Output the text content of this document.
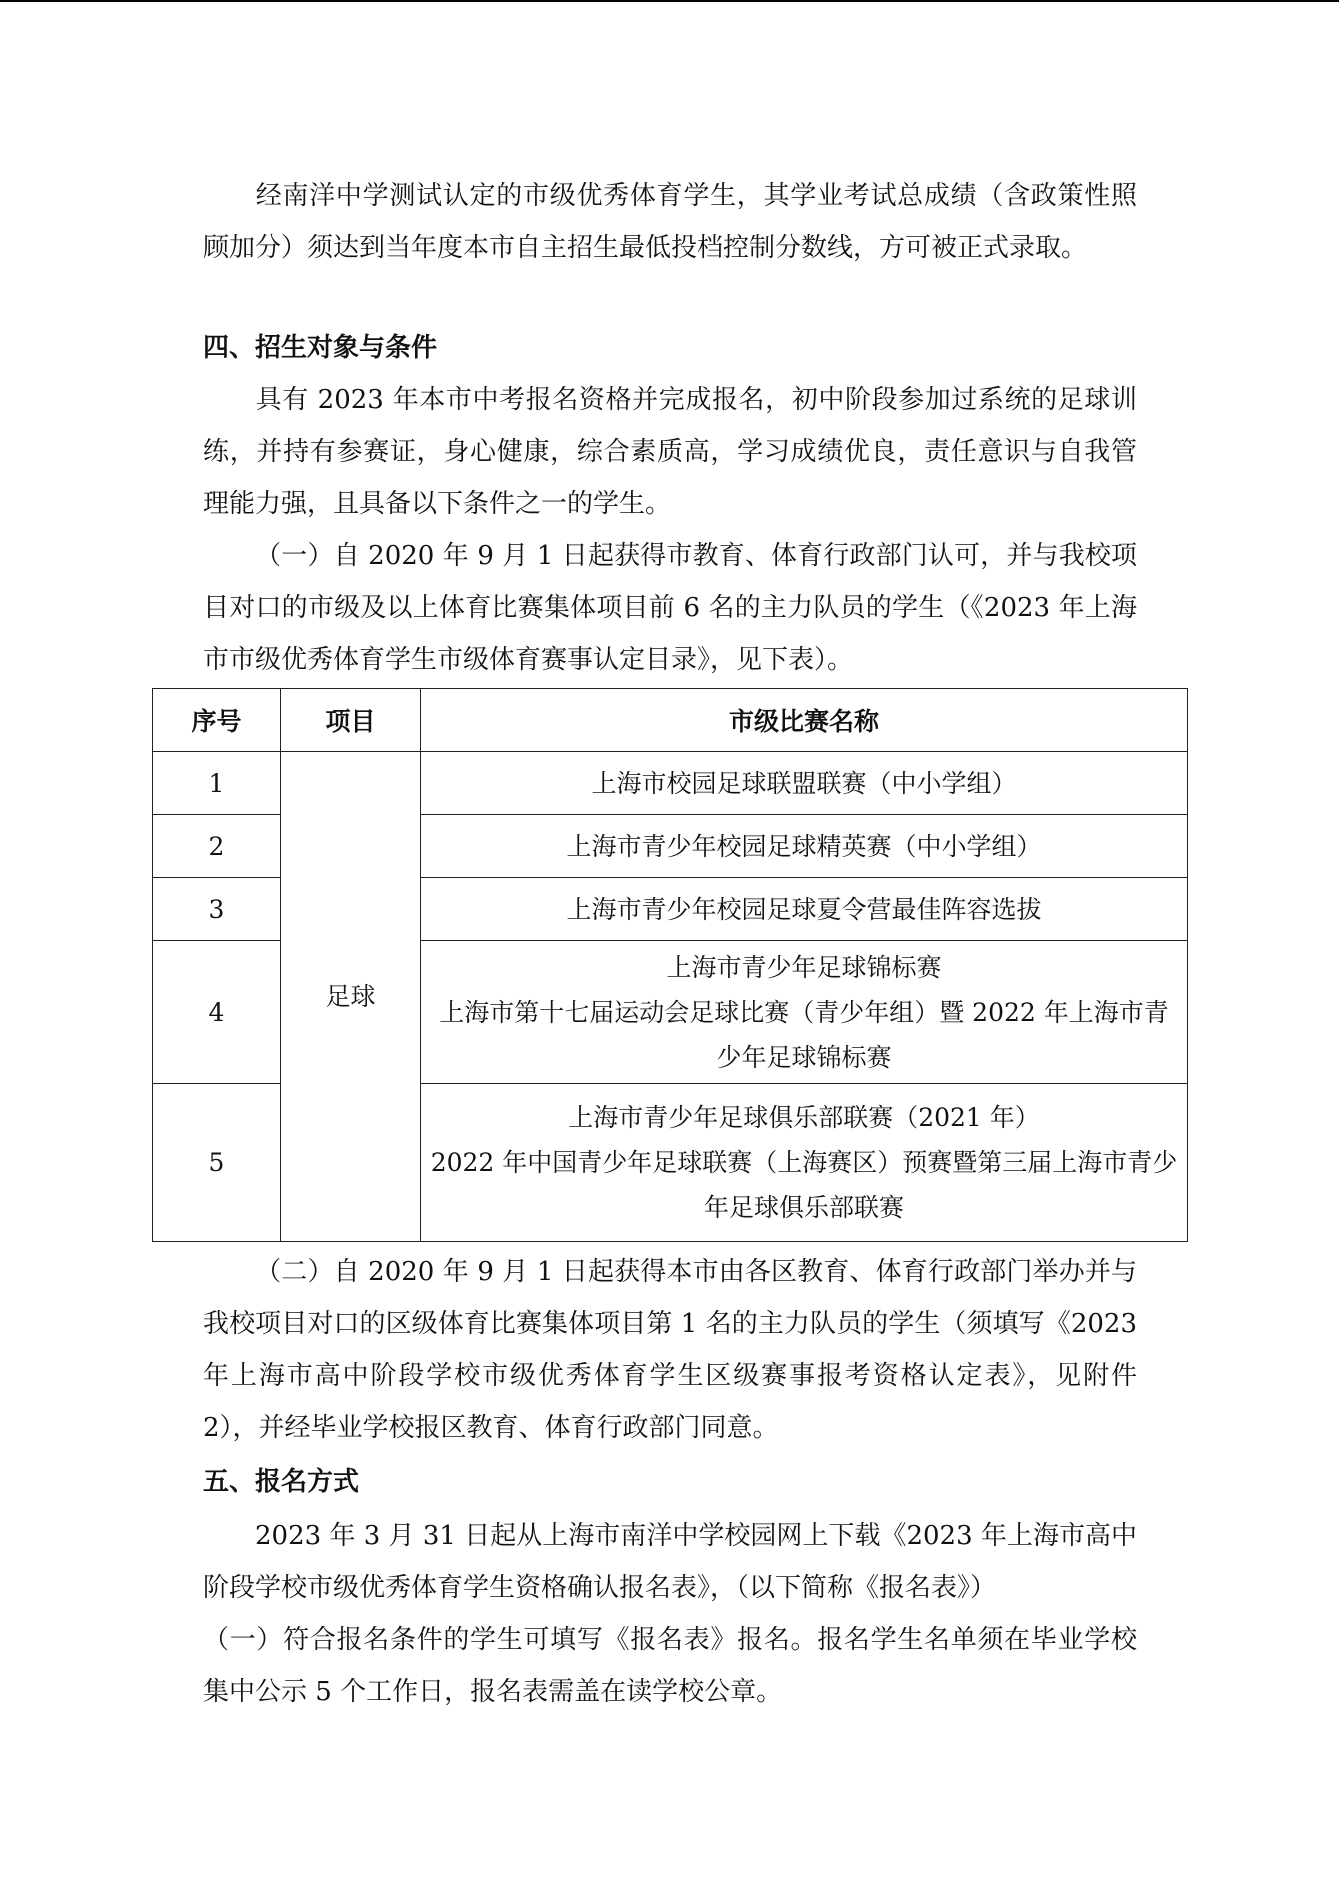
经南洋中学测试认定的市级优秀体育学生，其学业考试总成绩（含政策性照顾加分）须达到当年度本市自主招生最低投档控制分数线，方可被正式录取。

四、招生对象与条件

具有 2023 年本市中考报名资格并完成报名，初中阶段参加过系统的足球训练，并持有参赛证，身心健康，综合素质高，学习成绩优良，责任意识与自我管理能力强，且具备以下条件之一的学生。

（一）自 2020 年 9 月 1 日起获得市教育、体育行政部门认可，并与我校项目对口的市级及以上体育比赛集体项目前 6 名的主力队员的学生（《2023 年上海市市级优秀体育学生市级体育赛事认定目录》，见下表）。

序号	项目	市级比赛名称
1	足球	上海市校园足球联盟联赛（中小学组）
2		上海市青少年校园足球精英赛（中小学组）
3		上海市青少年校园足球夏令营最佳阵容选拔
4		上海市青少年足球锦标赛
上海市第十七届运动会足球比赛（青少年组）暨 2022 年上海市青少年足球锦标赛

5		上海市青少年足球俱乐部联赛（2021 年）
2022 年中国青少年足球联赛（上海赛区）预赛暨第三届上海市青少年足球俱乐部联赛

（二）自 2020 年 9 月 1 日起获得本市由各区教育、体育行政部门举办并与我校项目对口的区级体育比赛集体项目第 1 名的主力队员的学生（须填写《2023 年上海市高中阶段学校市级优秀体育学生区级赛事报考资格认定表》，见附件 2），并经毕业学校报区教育、体育行政部门同意。

五、报名方式

2023 年 3 月 31 日起从上海市南洋中学校园网上下载《2023 年上海市高中阶段学校市级优秀体育学生资格确认报名表》，（以下简称《报名表》）

（一）符合报名条件的学生可填写《报名表》报名。报名学生名单须在毕业学校集中公示 5 个工作日，报名表需盖在读学校公章。
